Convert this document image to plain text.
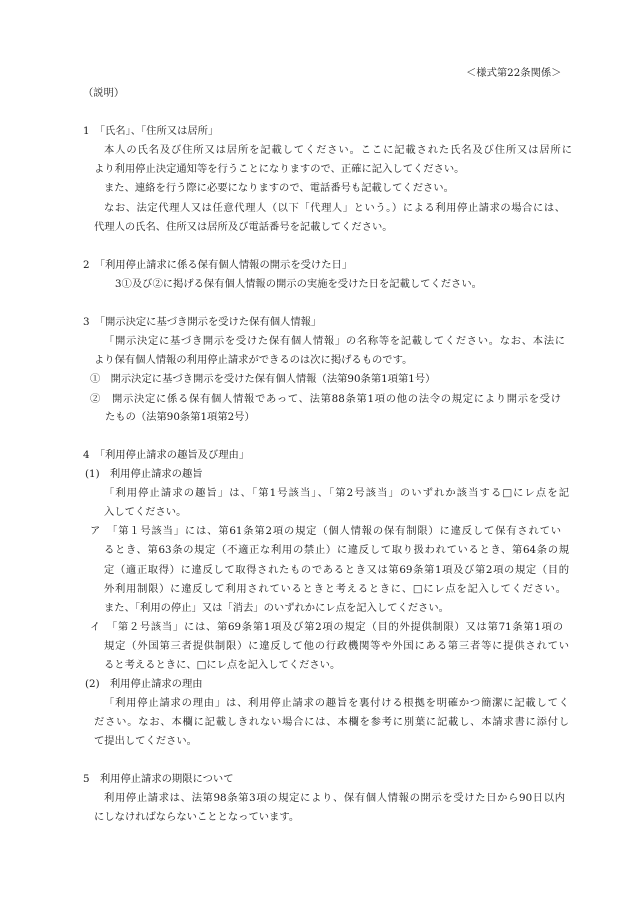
＜様式第22条関係＞
（説明）
1　「氏名」、「住所又は居所」
本人の氏名及び住所又は居所を記載してください。ここに記載された氏名及び住所又は居所に
より利用停止決定通知等を行うことになりますので、正確に記入してください。
また、連絡を行う際に必要になりますので、電話番号も記載してください。
なお、法定代理人又は任意代理人（以下「代理人」という。）による利用停止請求の場合には、
代理人の氏名、住所又は居所及び電話番号を記載してください。
2　「利用停止請求に係る保有個人情報の開示を受けた日」
3①及び②に掲げる保有個人情報の開示の実施を受けた日を記載してください。
3　「開示決定に基づき開示を受けた保有個人情報」
「開示決定に基づき開示を受けた保有個人情報」の名称等を記載してください。なお、本法に
より保有個人情報の利用停止請求ができるのは次に掲げるものです。
①　開示決定に基づき開示を受けた保有個人情報（法第90条第1項第1号）
②　開示決定に係る保有個人情報であって、法第88条第1項の他の法令の規定により開示を受け
たもの（法第90条第1項第2号）
4　「利用停止請求の趣旨及び理由」
(1)　利用停止請求の趣旨
「利用停止請求の趣旨」は、「第1号該当」、「第2号該当」のいずれか該当する□にレ点を記
入してください。
ア　「第１号該当」には、第61条第2項の規定（個人情報の保有制限）に違反して保有されてい
るとき、第63条の規定（不適正な利用の禁止）に違反して取り扱われているとき、第64条の規
定（適正取得）に違反して取得されたものであるとき又は第69条第1項及び第2項の規定（目的
外利用制限）に違反して利用されているときと考えるときに、□にレ点を記入してください。
また、「利用の停止」又は「消去」のいずれかにレ点を記入してください。
イ　「第２号該当」には、第69条第1項及び第2項の規定（目的外提供制限）又は第71条第1項の
規定（外国第三者提供制限）に違反して他の行政機関等や外国にある第三者等に提供されてい
ると考えるときに、□にレ点を記入してください。
(2)　利用停止請求の理由
「利用停止請求の理由」は、利用停止請求の趣旨を裏付ける根拠を明確かつ簡潔に記載してく
ださい。なお、本欄に記載しきれない場合には、本欄を参考に別葉に記載し、本請求書に添付し
て提出してください。
5　利用停止請求の期限について
利用停止請求は、法第98条第3項の規定により、保有個人情報の開示を受けた日から90日以内
にしなければならないこととなっています。
